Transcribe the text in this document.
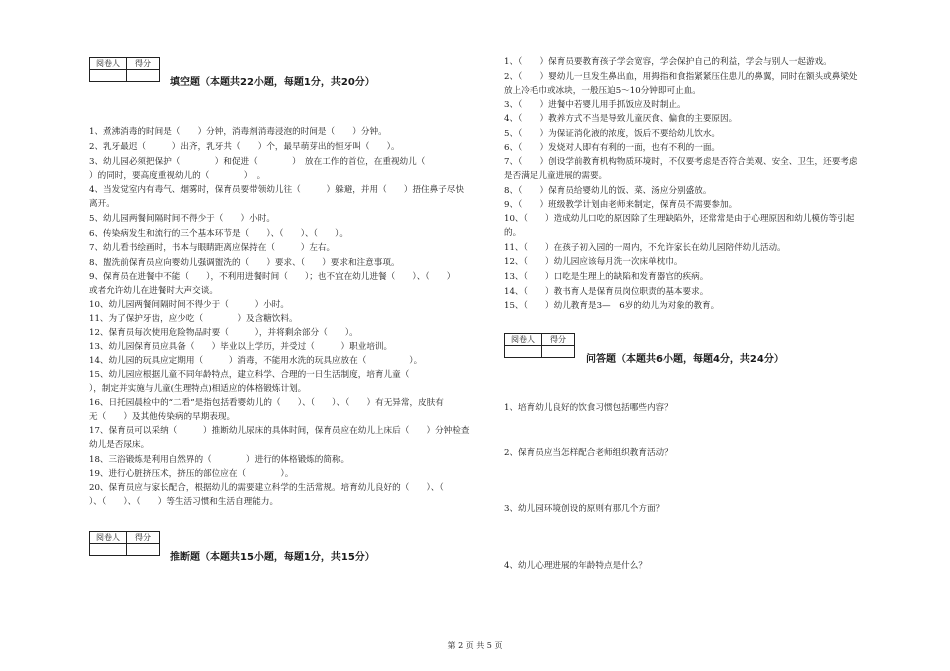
阅卷人	得分

填空题（本题共22小题，每题1分，共20分）
1、煮沸消毒的时间是（　　）分钟，消毒剂消毒浸泡的时间是（　　）分钟。
2、乳牙最迟（　　　）出齐，乳牙共（　　）个，最早萌芽出的恒牙叫（　　）。
3、幼儿园必须把保护（　　　　）和促进（　　　　）　放在工作的首位，在重视幼儿（
）的同时，要高度重视幼儿的（　　　　）　。
4、当发觉室内有毒气、烟雾时，保育员要带领幼儿往（　　　）躲避，并用（　　）捂住鼻子尽快
离开。
5、幼儿园两餐间隔时间不得少于（　　）小时。
6、传染病发生和流行的三个基本环节是（　　）、（　　）、（　　）。
7、幼儿看书绘画时，书本与眼睛距离应保持在（　　　）左右。
8、盥洗前保育员应向婴幼儿强调盥洗的（　　）要求、（　　）要求和注意事项。
9、保育员在进餐中不能（　　），不利用进餐时间（　　）；也不宜在幼儿进餐（　　）、（　　）
或者允许幼儿在进餐时大声交谈。
10、幼儿园两餐间隔时间不得少于（　　　）小时。
11、为了保护牙齿，应少吃（　　　　）及含糖饮料。
12、保育员每次使用危险物品时要（　　　），并将剩余部分（　　）。
13、幼儿园保育员应具备（　　）毕业以上学历，并受过（　　　）职业培训。
14、幼儿园的玩具应定期用（　　　）消毒，不能用水洗的玩具应放在（　　　　　）。
15、幼儿园应根据儿童不同年龄特点，建立科学、合理的一日生活制度，培育儿童（
），制定并实施与儿童(生理特点)相适应的体格锻炼计划。
16、日托园晨检中的“二看”是指包括看婴幼儿的（　　）、（　　）、（　　）有无异常，皮肤有
无（　　）及其他传染病的早期表现。
17、保育员可以采纳（　　　）推断幼儿尿床的具体时间，保育员应在幼儿上床后（　　）分钟检查
幼儿是否尿床。
18、三浴锻炼是利用自然界的（　　　　）进行的体格锻炼的简称。
19、进行心脏挤压术，挤压的部位应在（　　　　）。
20、保育员应与家长配合，根据幼儿的需要建立科学的生活常规。培育幼儿良好的（　　）、（
）、（　　）、（　　）等生活习惯和生活自理能力。
阅卷人	得分

推断题（本题共15小题，每题1分，共15分）
1、（　　）保育员要教育孩子学会宽容，学会保护自己的利益，学会与别人一起游戏。
2、（　　）婴幼儿一旦发生鼻出血，用拇指和食指紧紧压住患儿的鼻翼，同时在额头或鼻梁处
放上冷毛巾或冰块，一般压迫5～10分钟即可止血。
3、（　　）进餐中若婴儿用手抓饭应及时制止。
4、（　　）教养方式不当是导致儿童厌食、偏食的主要原因。
5、（　　）为保证消化液的浓度，饭后不要给幼儿饮水。
6、（　　）发烧对人即有有利的一面，也有不利的一面。
7、（　　）创设学前教育机构物质环境时，不仅要考虑是否符合美观、安全、卫生，还要考虑
是否满足儿童进展的需要。
8、（　　）保育员给婴幼儿的饭、菜、汤应分别盛放。
9、（　　）班级教学计划由老师来制定，保育员不需要参加。
10、（　　）造成幼儿口吃的原因除了生理缺陷外，还常常是由于心理原因和幼儿模仿等引起
的。
11、（　　）在孩子初入园的一周内，不允许家长在幼儿园陪伴幼儿活动。
12、（　　）幼儿园应该每月洗一次床单枕巾。
13、（　　）口吃是生理上的缺陷和发育器官的疾病。
14、（　　）教书育人是保育员岗位职责的基本要求。
15、（　　）幼儿教育是3—　6岁的幼儿为对象的教育。
阅卷人	得分

问答题（本题共6小题，每题4分，共24分）
1、培育幼儿良好的饮食习惯包括哪些内容？
2、保育员应当怎样配合老师组织教育活动？
3、幼儿园环境创设的原则有那几个方面？
4、幼儿心理进展的年龄特点是什么？
第 2 页 共 5 页
